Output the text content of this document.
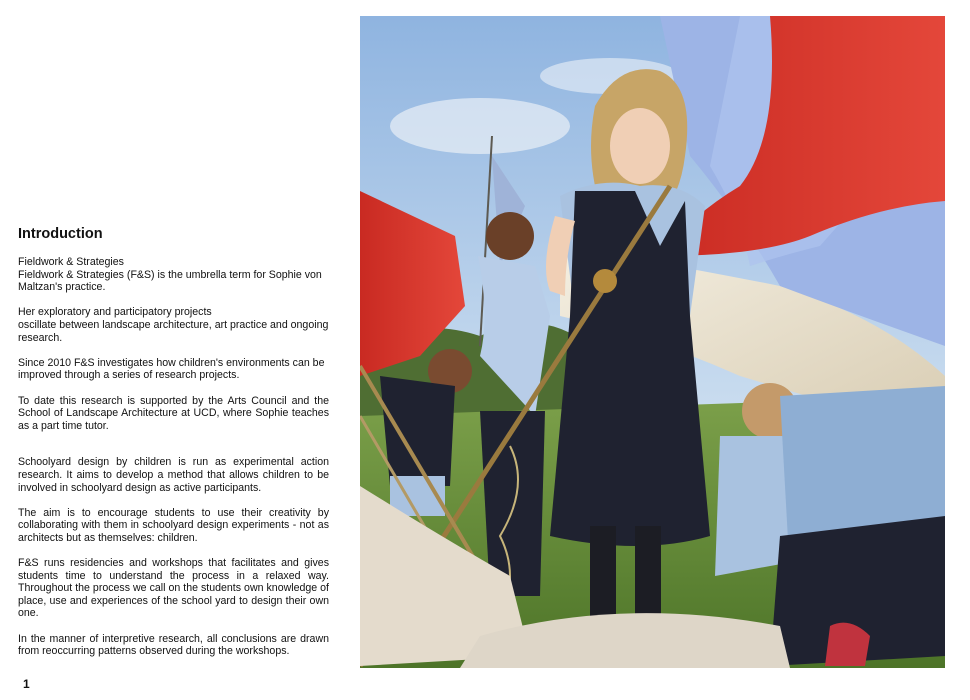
Introduction
Fieldwork & Strategies
Fieldwork & Strategies (F&S) is the umbrella term for Sophie von Maltzan's practice.
Her exploratory and participatory projects
oscillate between landscape architecture, art practice and ongoing research.
Since 2010 F&S investigates how children's environments can be improved through a series of research projects.
To date this research is supported by the Arts Council and the School of Landscape Architecture at UCD, where Sophie teaches as a part time tutor.
Schoolyard design by children is run as experimental action research. It aims to develop a method that allows children to be involved in schoolyard design as active participants.
The aim is to encourage students to use their creativity by collaborating with them in schoolyard design experiments - not as architects but as themselves: children.
F&S runs residencies and workshops that facilitates and gives students time to understand the process in a relaxed way. Throughout the process we call on the students own knowledge of place, use and experiences of the school yard to design their own one.
In the manner of interpretive research, all conclusions are drawn from reoccurring patterns observed during the workshops.
1
